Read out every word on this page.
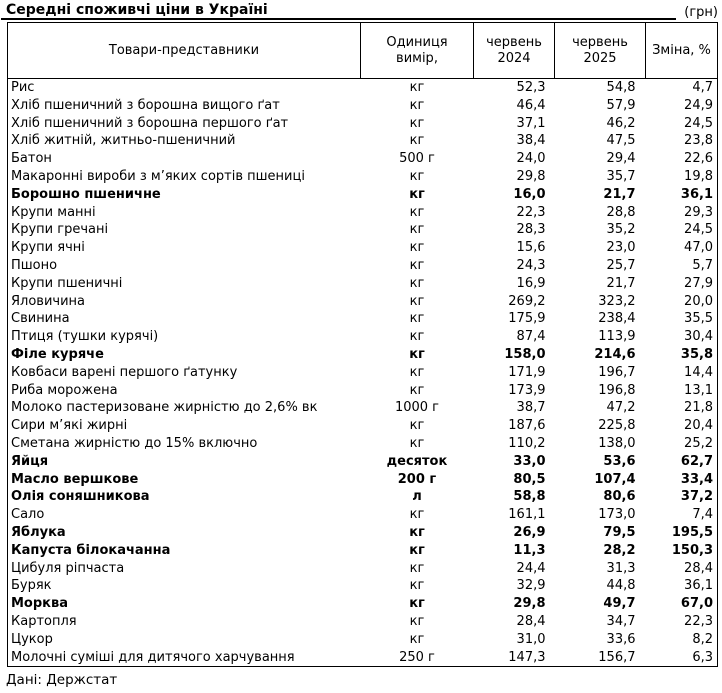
Середні споживчі ціни в Україні	(грн)
Товари-представники	Одиниця вимір,	червень 2024	червень 2025	Зміна, %
Рис	кг	52,3	54,8	4,7
Хліб пшеничний з борошна вищого ґат	кг	46,4	57,9	24,9
Хліб пшеничний з борошна першого ґат	кг	37,1	46,2	24,5
Хліб житній, житньо-пшеничний	кг	38,4	47,5	23,8
Батон	500 г	24,0	29,4	22,6
Макаронні вироби з м’яких сортів пшениці	кг	29,8	35,7	19,8
Борошно пшеничне	кг	16,0	21,7	36,1
Крупи манні	кг	22,3	28,8	29,3
Крупи гречані	кг	28,3	35,2	24,5
Крупи ячні	кг	15,6	23,0	47,0
Пшоно	кг	24,3	25,7	5,7
Крупи пшеничні	кг	16,9	21,7	27,9
Яловичина	кг	269,2	323,2	20,0
Свинина	кг	175,9	238,4	35,5
Птиця (тушки курячі)	кг	87,4	113,9	30,4
Філе куряче	кг	158,0	214,6	35,8
Ковбаси варені першого ґатунку	кг	171,9	196,7	14,4
Риба морожена	кг	173,9	196,8	13,1
Молоко пастеризоване жирністю до 2,6% вк	1000 г	38,7	47,2	21,8
Сири м’які жирні	кг	187,6	225,8	20,4
Сметана жирністю до 15% включно	кг	110,2	138,0	25,2
Яйця	десяток	33,0	53,6	62,7
Масло вершкове	200 г	80,5	107,4	33,4
Олія соняшникова	л	58,8	80,6	37,2
Сало	кг	161,1	173,0	7,4
Яблука	кг	26,9	79,5	195,5
Капуста білокачанна	кг	11,3	28,2	150,3
Цибуля ріпчаста	кг	24,4	31,3	28,4
Буряк	кг	32,9	44,8	36,1
Морква	кг	29,8	49,7	67,0
Картопля	кг	28,4	34,7	22,3
Цукор	кг	31,0	33,6	8,2
Молочні суміші для дитячого харчування	250 г	147,3	156,7	6,3
Дані: Держстат
